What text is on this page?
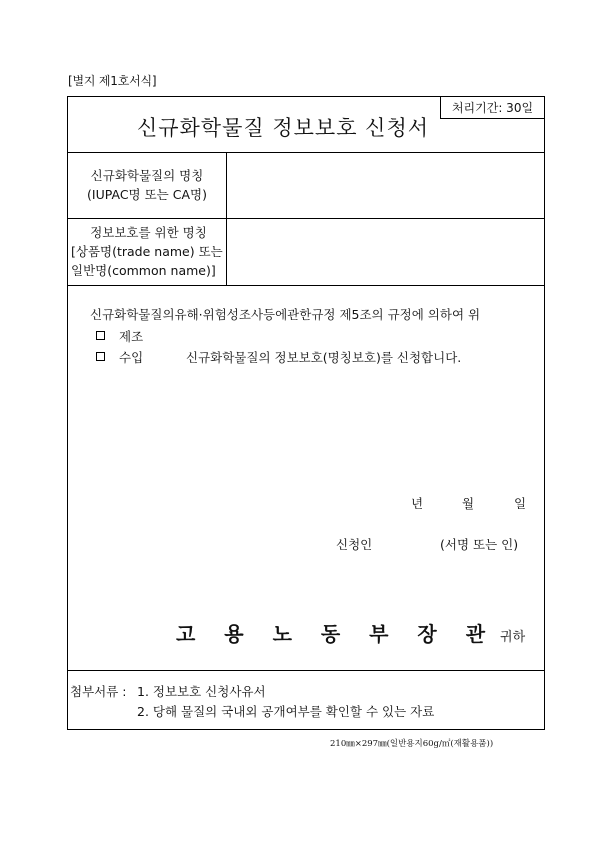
[별지 제1호서식]
신규화학물질 정보보호 신청서
처리기간: 30일
신규화학물질의 명칭
(IUPAC명 또는 CA명)
정보보호를 위한 명칭
[상품명(trade name) 또는
일반명(common name)]
신규화학물질의유해·위험성조사등에관한규정 제5조의 규정에 의하여 위
제조
수입	신규화학물질의 정보보호(명칭보호)를 신청합니다.
년	월	일
신청인	(서명 또는 인)
고 용 노 동 부 장 관 귀하
첨부서류 : 1. 정보보호 신청사유서
2. 당해 물질의 국내외 공개여부를 확인할 수 있는 자료
210㎜×297㎜(일반용지60g/㎡(재활용품))
